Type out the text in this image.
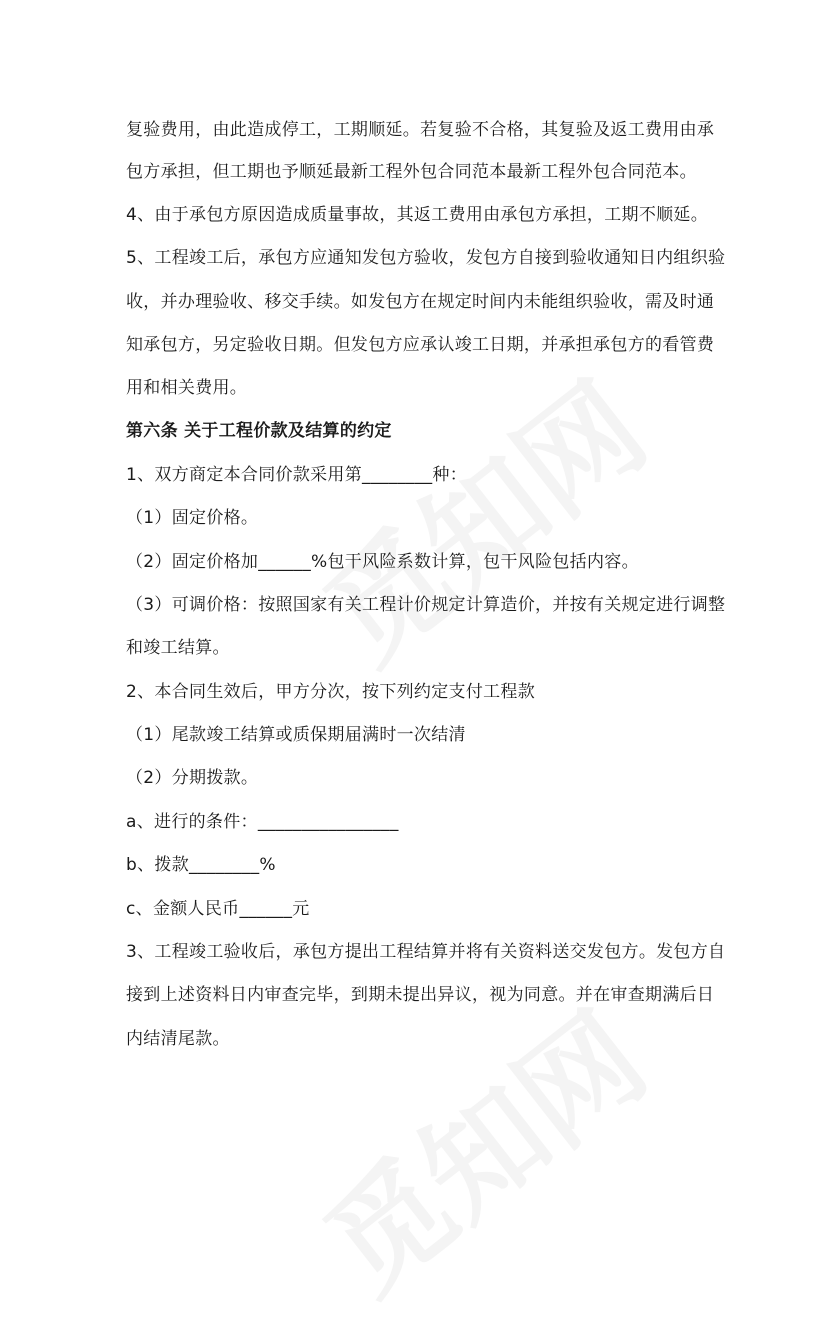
复验费用，由此造成停工，工期顺延。若复验不合格，其复验及返工费用由承
包方承担，但工期也予顺延最新工程外包合同范本最新工程外包合同范本。
4、由于承包方原因造成质量事故，其返工费用由承包方承担，工期不顺延。
5、工程竣工后，承包方应通知发包方验收，发包方自接到验收通知日内组织验
收，并办理验收、移交手续。如发包方在规定时间内未能组织验收，需及时通
知承包方，另定验收日期。但发包方应承认竣工日期，并承担承包方的看管费
用和相关费用。
第六条 关于工程价款及结算的约定
1、双方商定本合同价款采用第________种：
（1）固定价格。
（2）固定价格加______%包干风险系数计算，包干风险包括内容。
（3）可调价格：按照国家有关工程计价规定计算造价，并按有关规定进行调整
和竣工结算。
2、本合同生效后，甲方分次，按下列约定支付工程款
（1）尾款竣工结算或质保期届满时一次结清
（2）分期拨款。
a、进行的条件：________________
b、拨款________%
c、金额人民币______元
3、工程竣工验收后，承包方提出工程结算并将有关资料送交发包方。发包方自
接到上述资料日内审查完毕，到期未提出异议，视为同意。并在审查期满后日
内结清尾款。
